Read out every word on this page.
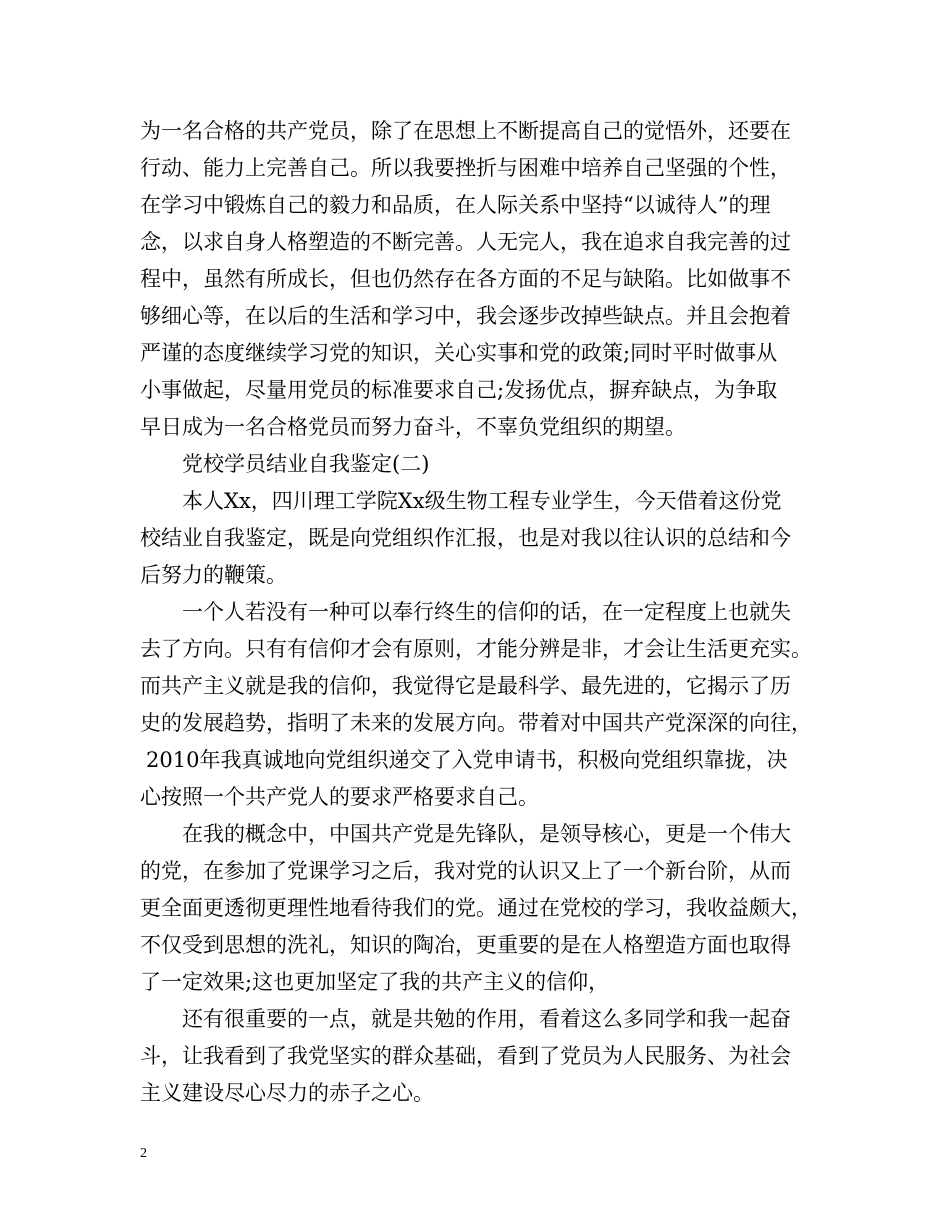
为一名合格的共产党员，除了在思想上不断提高自己的觉悟外，还要在

行动、能力上完善自己。所以我要挫折与困难中培养自己坚强的个性，

在学习中锻炼自己的毅力和品质，在人际关系中坚持“以诚待人”的理

念，以求自身人格塑造的不断完善。人无完人，我在追求自我完善的过

程中，虽然有所成长，但也仍然存在各方面的不足与缺陷。比如做事不

够细心等，在以后的生活和学习中，我会逐步改掉些缺点。并且会抱着

严谨的态度继续学习党的知识，关心实事和党的政策;同时平时做事从

小事做起，尽量用党员的标准要求自己;发扬优点，摒弃缺点，为争取

早日成为一名合格党员而努力奋斗，不辜负党组织的期望。

党校学员结业自我鉴定(二)

本人Xx，四川理工学院Xx级生物工程专业学生，今天借着这份党

校结业自我鉴定，既是向党组织作汇报，也是对我以往认识的总结和今

后努力的鞭策。

一个人若没有一种可以奉行终生的信仰的话，在一定程度上也就失

去了方向。只有有信仰才会有原则，才能分辨是非，才会让生活更充实。

而共产主义就是我的信仰，我觉得它是最科学、最先进的，它揭示了历

史的发展趋势，指明了未来的发展方向。带着对中国共产党深深的向往，

2010年我真诚地向党组织递交了入党申请书，积极向党组织靠拢，决

心按照一个共产党人的要求严格要求自己。

在我的概念中，中国共产党是先锋队，是领导核心，更是一个伟大

的党，在参加了党课学习之后，我对党的认识又上了一个新台阶，从而

更全面更透彻更理性地看待我们的党。通过在党校的学习，我收益颇大，

不仅受到思想的洗礼，知识的陶冶，更重要的是在人格塑造方面也取得

了一定效果;这也更加坚定了我的共产主义的信仰，

还有很重要的一点，就是共勉的作用，看着这么多同学和我一起奋

斗，让我看到了我党坚实的群众基础，看到了党员为人民服务、为社会

主义建设尽心尽力的赤子之心。

2
